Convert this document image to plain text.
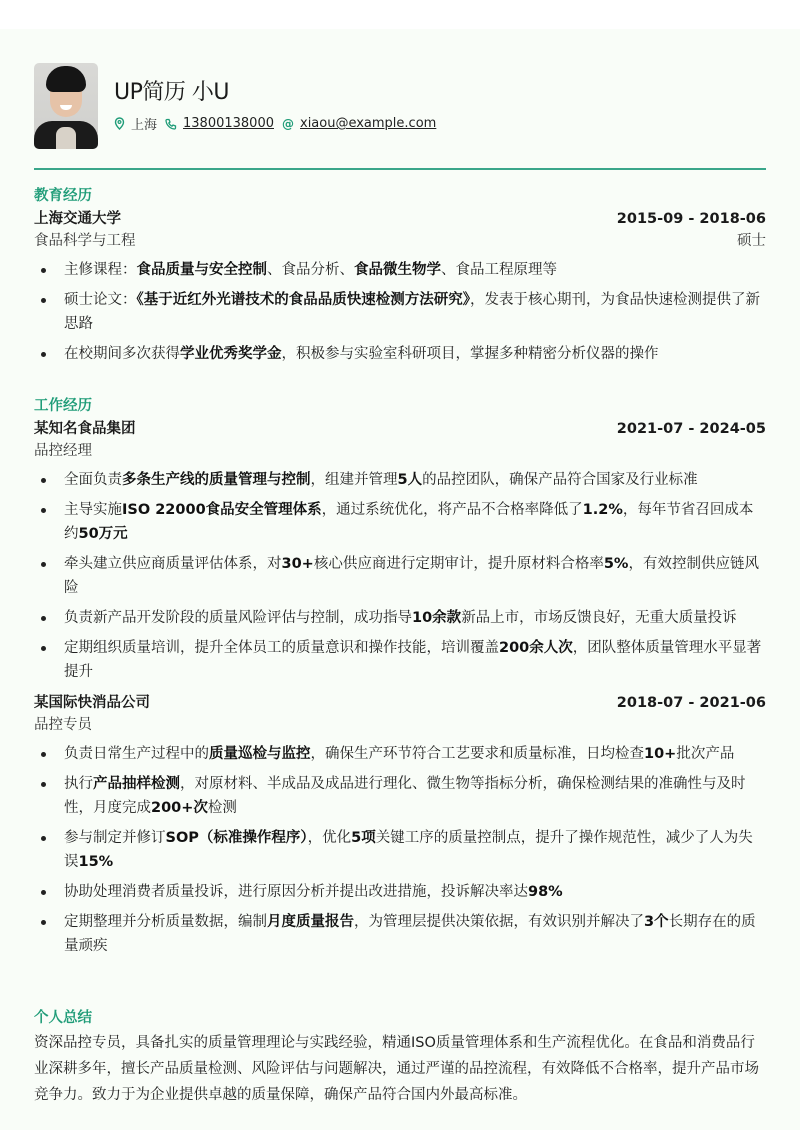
UP简历 小U
上海 13800138000 @ xiaou@example.com
教育经历
上海交通大学	2015-09 - 2018-06
食品科学与工程	硕士
主修课程：食品质量与安全控制、食品分析、食品微生物学、食品工程原理等
硕士论文：《基于近红外光谱技术的食品品质快速检测方法研究》，发表于核心期刊，为食品快速检测提供了新思路
在校期间多次获得学业优秀奖学金，积极参与实验室科研项目，掌握多种精密分析仪器的操作
工作经历
某知名食品集团	2021-07 - 2024-05
品控经理
全面负责多条生产线的质量管理与控制，组建并管理5人的品控团队，确保产品符合国家及行业标准
主导实施ISO 22000食品安全管理体系，通过系统优化，将产品不合格率降低了1.2%，每年节省召回成本约50万元
牵头建立供应商质量评估体系，对30+核心供应商进行定期审计，提升原材料合格率5%，有效控制供应链风险
负责新产品开发阶段的质量风险评估与控制，成功指导10余款新品上市，市场反馈良好，无重大质量投诉
定期组织质量培训，提升全体员工的质量意识和操作技能，培训覆盖200余人次，团队整体质量管理水平显著提升
某国际快消品公司	2018-07 - 2021-06
品控专员
负责日常生产过程中的质量巡检与监控，确保生产环节符合工艺要求和质量标准，日均检查10+批次产品
执行产品抽样检测，对原材料、半成品及成品进行理化、微生物等指标分析，确保检测结果的准确性与及时性，月度完成200+次检测
参与制定并修订SOP（标准操作程序），优化5项关键工序的质量控制点，提升了操作规范性，减少了人为失误15%
协助处理消费者质量投诉，进行原因分析并提出改进措施，投诉解决率达98%
定期整理并分析质量数据，编制月度质量报告，为管理层提供决策依据，有效识别并解决了3个长期存在的质量顽疾
个人总结
资深品控专员，具备扎实的质量管理理论与实践经验，精通ISO质量管理体系和生产流程优化。在食品和消费品行业深耕多年，擅长产品质量检测、风险评估与问题解决，通过严谨的品控流程，有效降低不合格率，提升产品市场竞争力。致力于为企业提供卓越的质量保障，确保产品符合国内外最高标准。
